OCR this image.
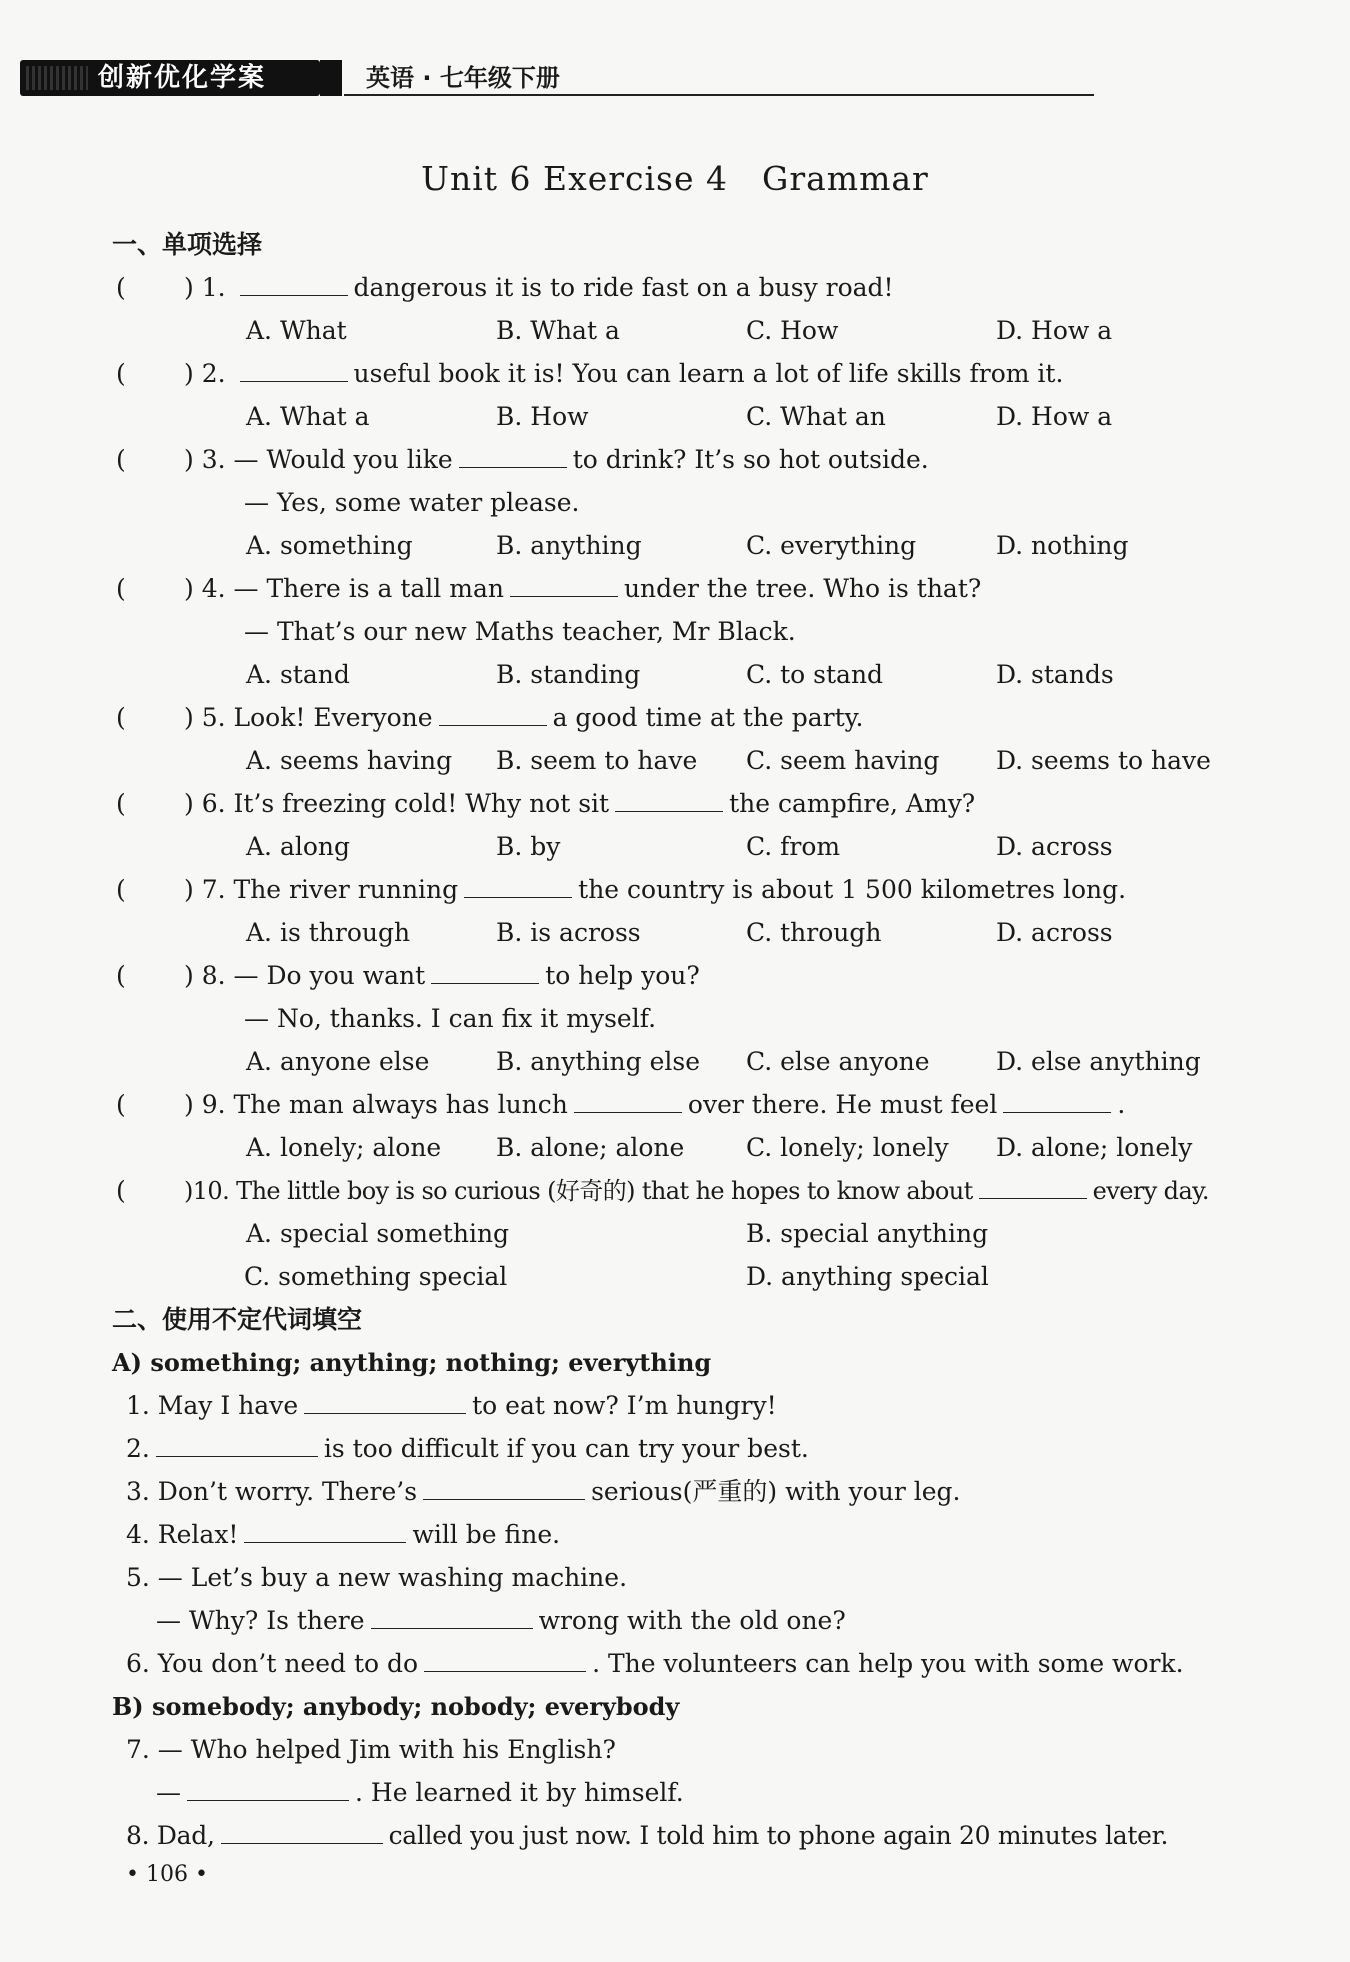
创新优化学案	英语 · 七年级下册
Unit 6 Exercise 4　Grammar
一、单项选择
( ) 1.	dangerous it is to ride fast on a busy road!
A. What	B. What a	C. How	D. How a
( ) 2.	useful book it is! You can learn a lot of life skills from it.
A. What a	B. How	C. What an	D. How a
( ) 3. — Would you like	to drink? It’s so hot outside.
— Yes, some water please.
A. something	B. anything	C. everything	D. nothing
( ) 4. — There is a tall man	under the tree. Who is that?
— That’s our new Maths teacher, Mr Black.
A. stand	B. standing	C. to stand	D. stands
( ) 5. Look! Everyone	a good time at the party.
A. seems having B. seem to have C. seem having D. seems to have
( ) 6. It’s freezing cold! Why not sit	the campfire, Amy?
A. along	B. by	C. from	D. across
( ) 7. The river running	the country is about 1 500 kilometres long.
A. is through	B. is across	C. through	D. across
( ) 8. — Do you want	to help you?
— No, thanks. I can fix it myself.
A. anyone else	B. anything else C. else anyone	D. else anything
( ) 9. The man always has lunch	over there. He must feel	.
A. lonely; alone B. alone; alone C. lonely; lonely D. alone; lonely
( )10. The little boy is so curious (好奇的) that he hopes to know about	every day.
A. special something	B. special anything
C. something special	D. anything special
二、使用不定代词填空
A) something; anything; nothing; everything
1. May I have	to eat now? I’m hungry!
2.	is too difficult if you can try your best.
3. Don’t worry. There’s	serious(严重的) with your leg.
4. Relax!	will be fine.
5. — Let’s buy a new washing machine.
— Why? Is there	wrong with the old one?
6. You don’t need to do	. The volunteers can help you with some work.
B) somebody; anybody; nobody; everybody
7. — Who helped Jim with his English?
—	. He learned it by himself.
8. Dad,	called you just now. I told him to phone again 20 minutes later.
• 106 •
